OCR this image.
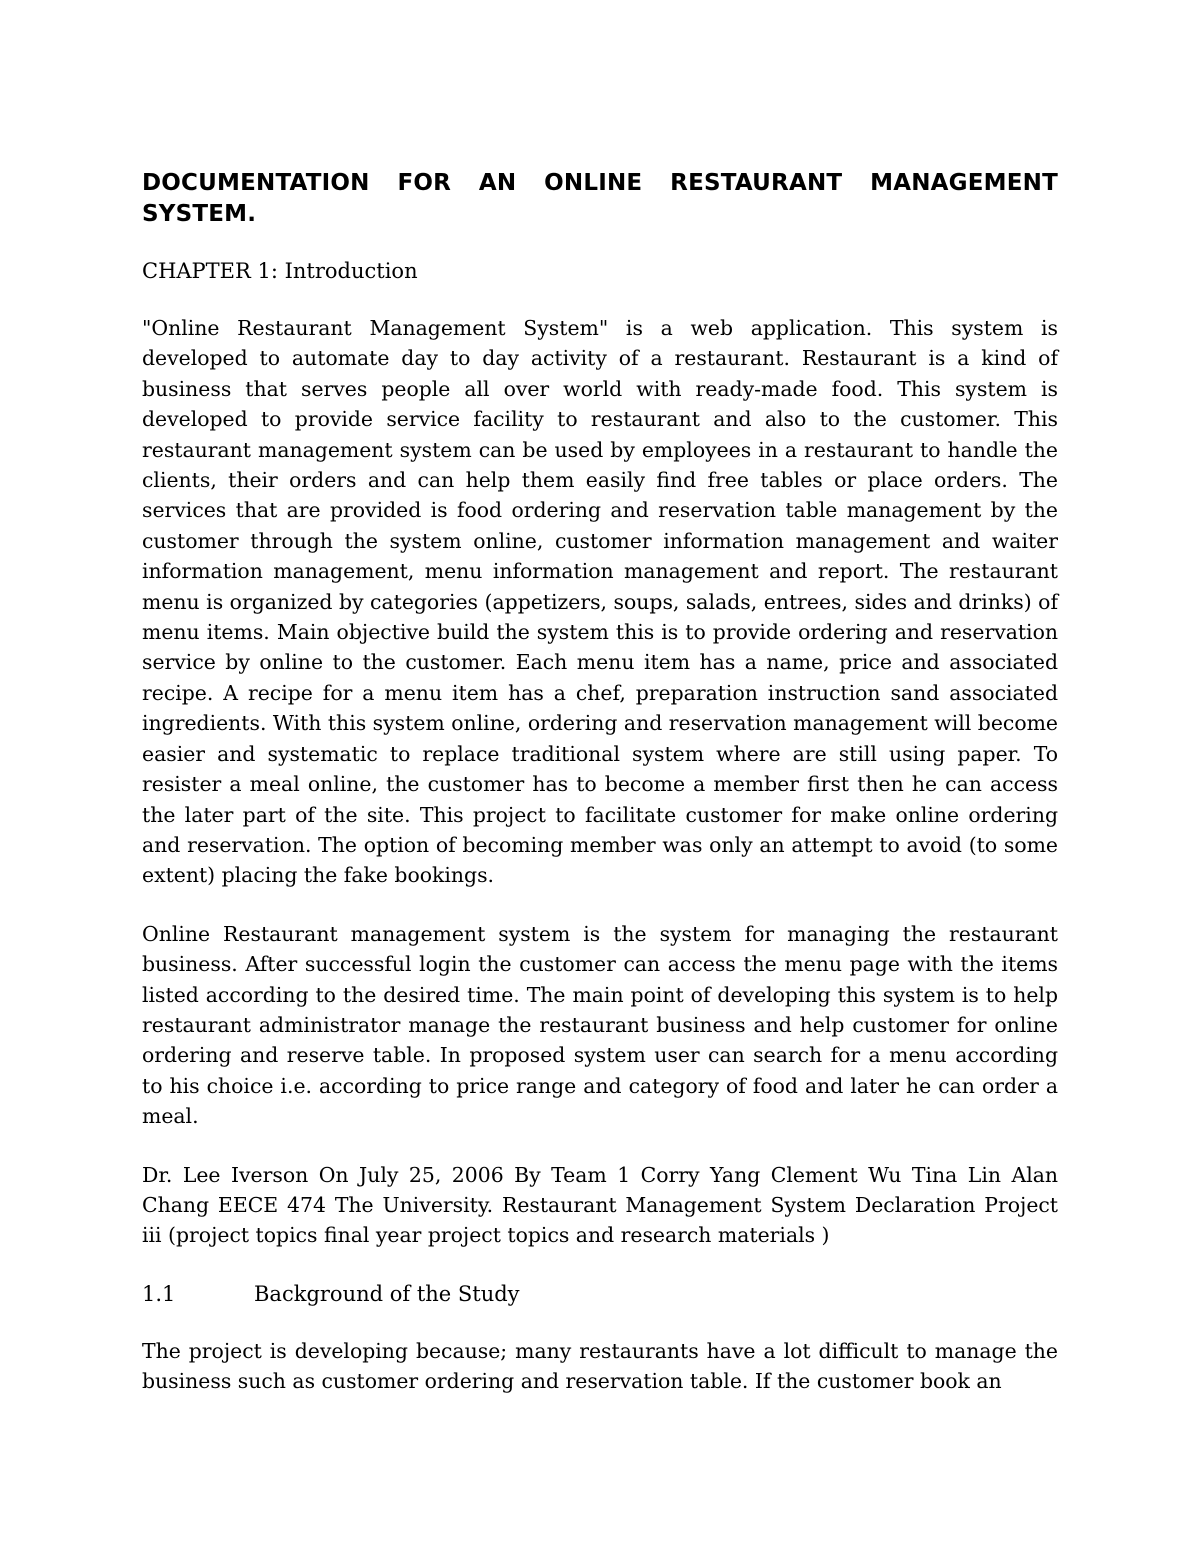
DOCUMENTATION FOR AN ONLINE RESTAURANT MANAGEMENT SYSTEM.
CHAPTER 1: Introduction

"Online Restaurant Management System" is a web application. This system is developed to automate day to day activity of a restaurant. Restaurant is a kind of business that serves people all over world with ready-made food. This system is developed to provide service facility to restaurant and also to the customer. This restaurant management system can be used by employees in a restaurant to handle the clients, their orders and can help them easily find free tables or place orders. The services that are provided is food ordering and reservation table management by the customer through the system online, customer information management and waiter information management, menu information management and report. The restaurant menu is organized by categories (appetizers, soups, salads, entrees, sides and drinks) of menu items. Main objective build the system this is to provide ordering and reservation service by online to the customer. Each menu item has a name, price and associated recipe. A recipe for a menu item has a chef, preparation instruction sand associated ingredients. With this system online, ordering and reservation management will become easier and systematic to replace traditional system where are still using paper. To resister a meal online, the customer has to become a member first then he can access the later part of the site. This project to facilitate customer for make online ordering and reservation. The option of becoming member was only an attempt to avoid (to some extent) placing the fake bookings.

Online Restaurant management system is the system for managing the restaurant business. After successful login the customer can access the menu page with the items listed according to the desired time. The main point of developing this system is to help restaurant administrator manage the restaurant business and help customer for online ordering and reserve table. In proposed system user can search for a menu according to his choice i.e. according to price range and category of food and later he can order a meal.

Dr. Lee Iverson On July 25, 2006 By Team 1 Corry Yang Clement Wu Tina Lin Alan Chang EECE 474 The University. Restaurant Management System Declaration Project iii (project topics final year project topics and research materials )

1.1	Background of the Study

The project is developing because; many restaurants have a lot difficult to manage the business such as customer ordering and reservation table. If the customer book an
